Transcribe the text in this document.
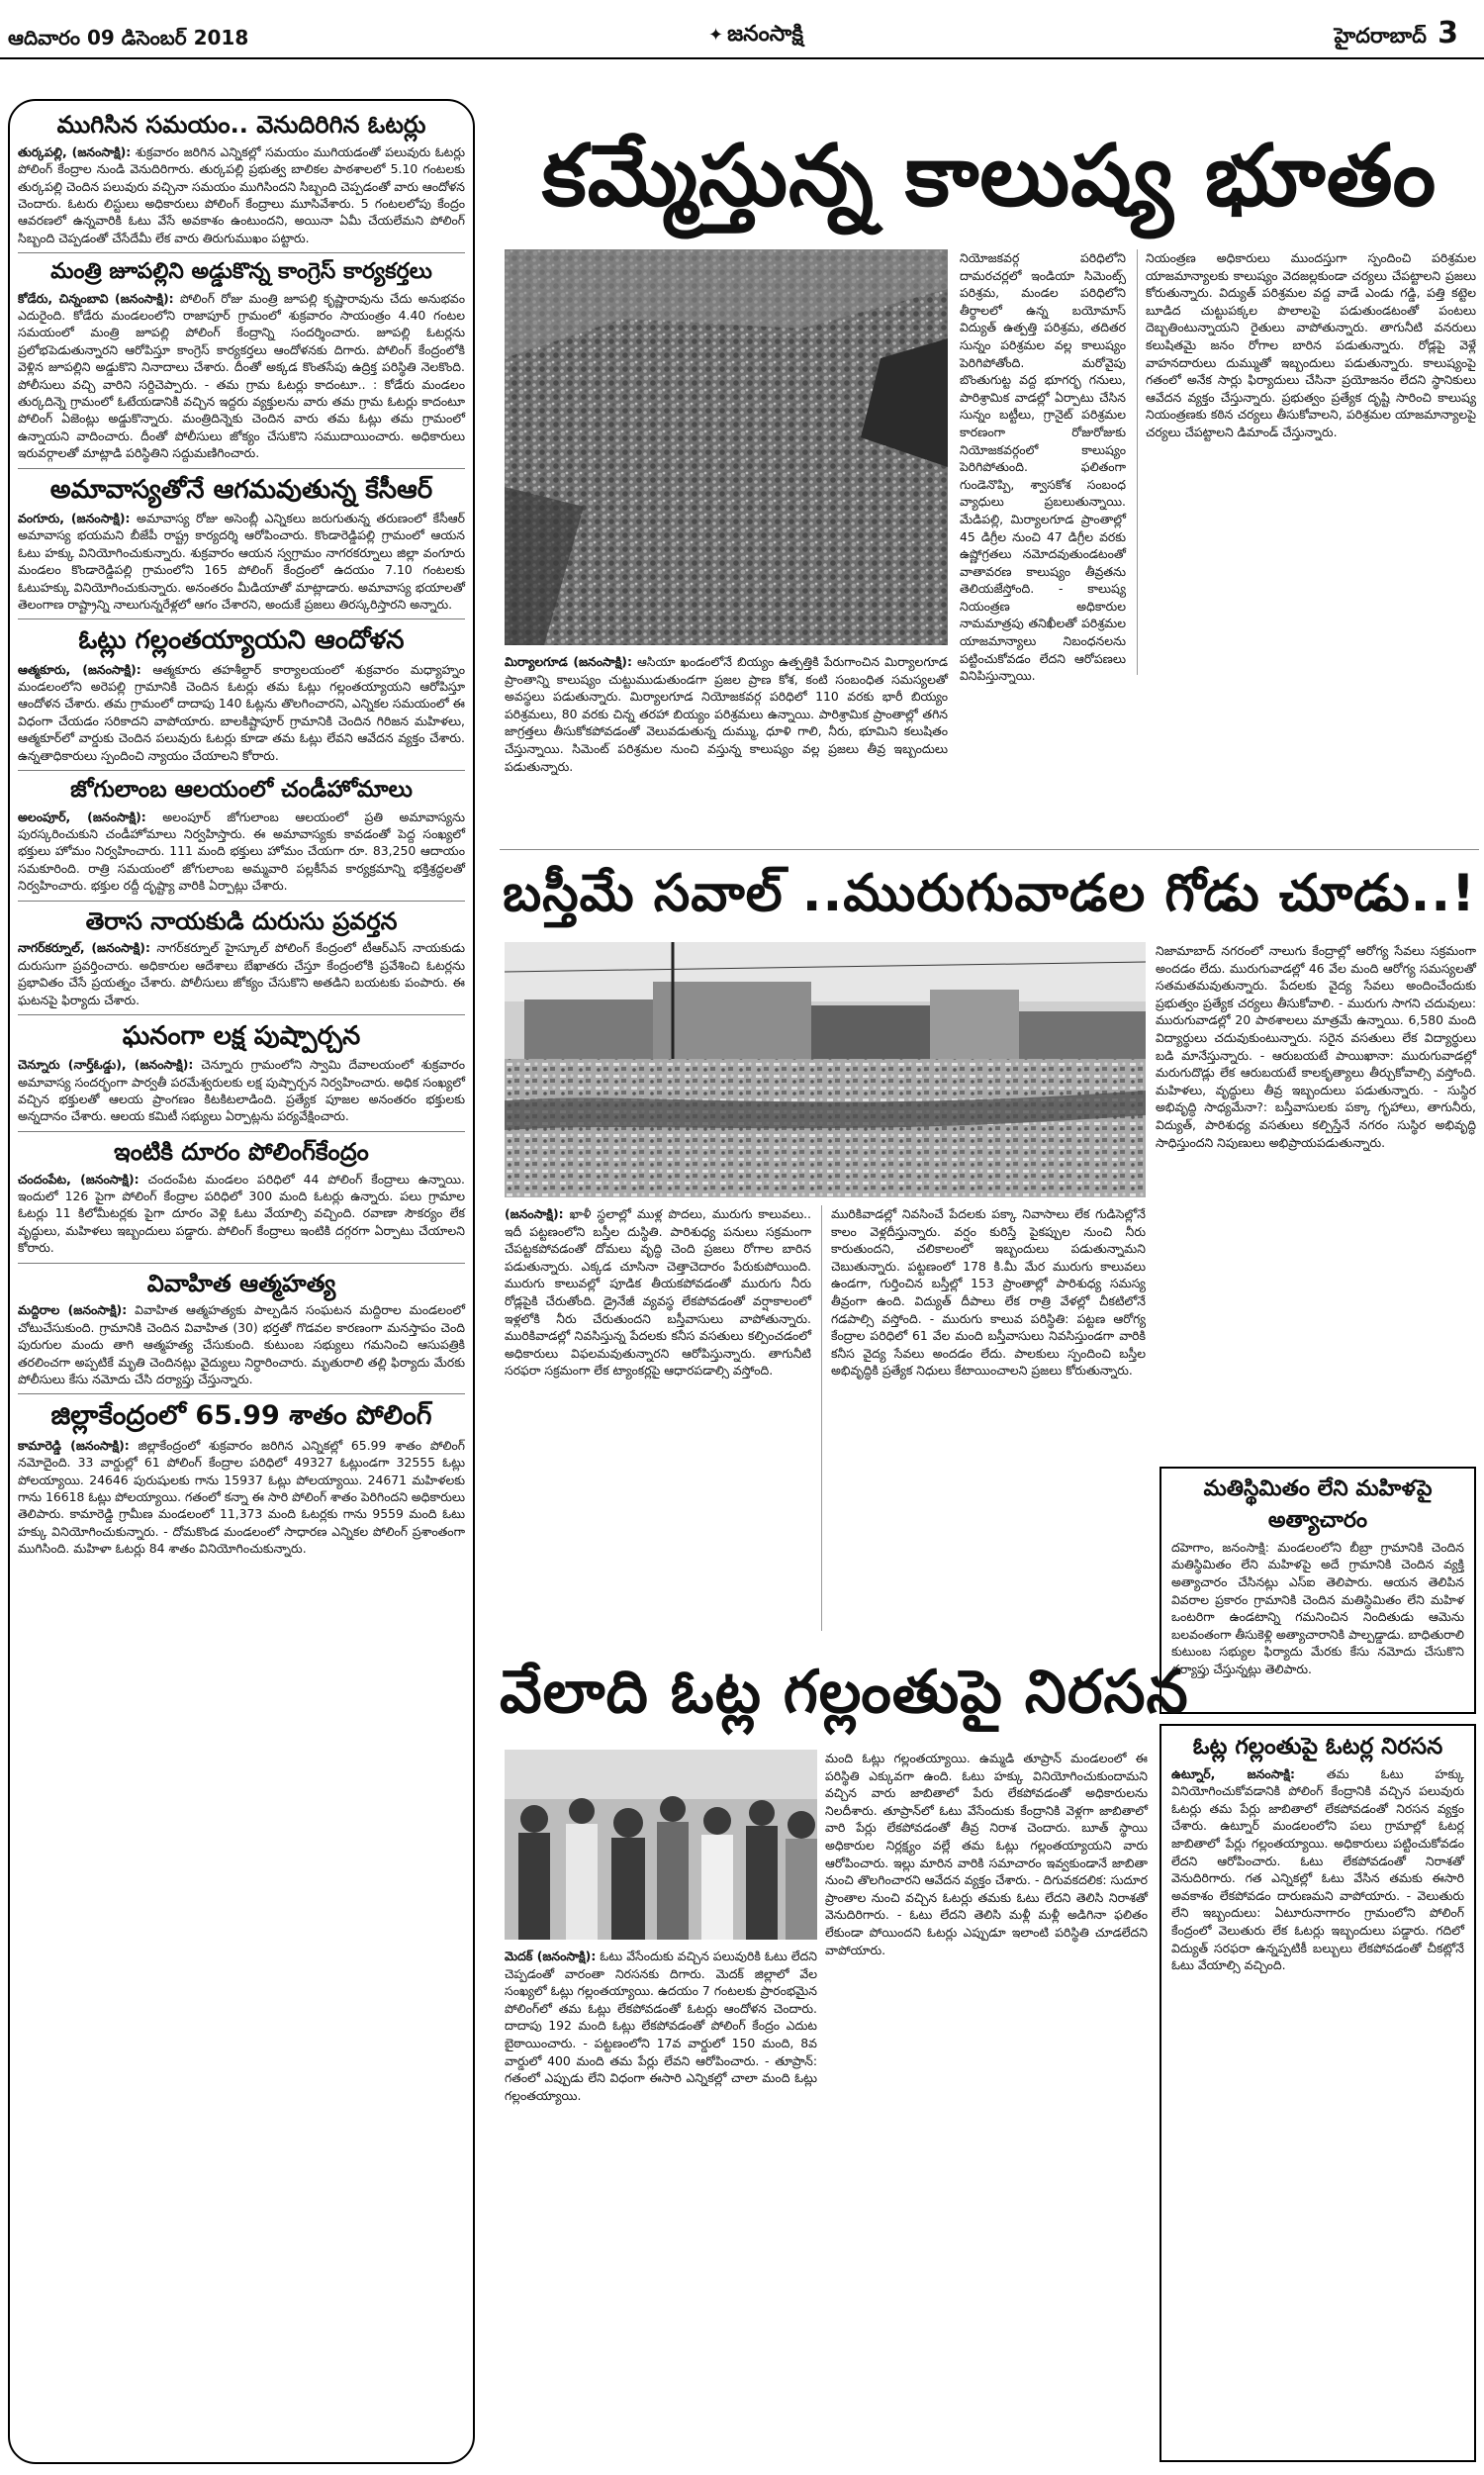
ఆదివారం 09 డిసెంబర్ 2018	✦ జనంసాక్షి	హైదరాబాద్ 3
ముగిసిన సమయం.. వెనుదిరిగిన ఓటర్లు

తుర్కపల్లి, (జనంసాక్షి): శుక్రవారం జరిగిన ఎన్నికల్లో సమయం ముగియడంతో పలువురు ఓటర్లు పోలింగ్ కేంద్రాల నుండి వెనుదిరిగారు. తుర్కపల్లి ప్రభుత్వ బాలికల పాఠశాలలో 5.10 గంటలకు తుర్కపల్లి చెందిన పలువురు వచ్చినా సమయం ముగిసిందని సిబ్బంది చెప్పడంతో వారు ఆందోళన చెందారు. ఓటరు లిస్టులు అధికారులు పోలింగ్ కేంద్రాలు మూసివేశారు. 5 గంటలలోపు కేంద్రం ఆవరణలో ఉన్నవారికి ఓటు వేసే అవకాశం ఉంటుందని, అయినా ఏమీ చేయలేమని పోలింగ్ సిబ్బంది చెప్పడంతో చేసేదేమీ లేక వారు తిరుగుముఖం పట్టారు.

మంత్రి జూపల్లిని అడ్డుకొన్న కాంగ్రెస్ కార్యకర్తలు

కోడేరు, చిన్నంబావి (జనంసాక్షి): పోలింగ్ రోజు మంత్రి జూపల్లి కృష్ణారావును చేదు అనుభవం ఎదురైంది. కోడేరు మండలంలోని రాజాపూర్ గ్రామంలో శుక్రవారం సాయంత్రం 4.40 గంటల సమయంలో మంత్రి జూపల్లి పోలింగ్ కేంద్రాన్ని సందర్శించారు. జూపల్లి ఓటర్లను ప్రలోభపెడుతున్నారని ఆరోపిస్తూ కాంగ్రెస్ కార్యకర్తలు ఆందోళనకు దిగారు. పోలింగ్ కేంద్రంలోకి వెళ్లిన జూపల్లిని అడ్డుకొని నినాదాలు చేశారు. దీంతో అక్కడ కొంతసేపు ఉద్రిక్త పరిస్థితి నెలకొంది. పోలీసులు వచ్చి వారిని సర్దిచెప్పారు. - తమ గ్రామ ఓటర్లు కాదంటూ.. : కోడేరు మండలం తుర్కదిన్నె గ్రామంలో ఓటేయడానికి వచ్చిన ఇద్దరు వ్యక్తులను వారు తమ గ్రామ ఓటర్లు కాదంటూ పోలింగ్ ఏజెంట్లు అడ్డుకొన్నారు. మంత్రిదిన్నెకు చెందిన వారు తమ ఓట్లు తమ గ్రామంలో ఉన్నాయని వాదించారు. దీంతో పోలీసులు జోక్యం చేసుకొని సముదాయించారు. అధికారులు ఇరువర్గాలతో మాట్లాడి పరిస్థితిని సద్దుమణిగించారు.

అమావాస్యతోనే ఆగమవుతున్న కేసీఆర్

వంగూరు, (జనంసాక్షి): అమావాస్య రోజు అసెంబ్లీ ఎన్నికలు జరుగుతున్న తరుణంలో కేసీఆర్ అమావాస్య భయమని బీజేపీ రాష్ట్ర కార్యదర్శి ఆరోపించారు. కొండారెడ్డిపల్లి గ్రామంలో ఆయన ఓటు హక్కు వినియోగించుకున్నారు. శుక్రవారం ఆయన స్వగ్రామం నాగరకర్నూలు జిల్లా వంగూరు మండలం కొండారెడ్డిపల్లి గ్రామంలోని 165 పోలింగ్ కేంద్రంలో ఉదయం 7.10 గంటలకు ఓటుహక్కు వినియోగించుకున్నారు. అనంతరం మీడియాతో మాట్లాడారు. అమావాస్య భయాలతో తెలంగాణ రాష్ట్రాన్ని నాలుగున్నరేళ్లలో ఆగం చేశారని, అందుకే ప్రజలు తిరస్కరిస్తారని అన్నారు.

ఓట్లు గల్లంతయ్యాయని ఆందోళన

ఆత్మకూరు, (జనంసాక్షి): ఆత్మకూరు తహశీల్దార్ కార్యాలయంలో శుక్రవారం మధ్యాహ్నం మండలంలోని అరెపల్లి గ్రామానికి చెందిన ఓటర్లు తమ ఓట్లు గల్లంతయ్యాయని ఆరోపిస్తూ ఆందోళన చేశారు. తమ గ్రామంలో దాదాపు 140 ఓట్లను తొలగించారని, ఎన్నికల సమయంలో ఈ విధంగా చేయడం సరికాదని వాపోయారు. బాలకిష్టాపూర్ గ్రామానికి చెందిన గిరిజన మహిళలు, ఆత్మకూర్‌లో వార్డుకు చెందిన పలువురు ఓటర్లు కూడా తమ ఓట్లు లేవని ఆవేదన వ్యక్తం చేశారు. ఉన్నతాధికారులు స్పందించి న్యాయం చేయాలని కోరారు.

జోగులాంబ ఆలయంలో చండీహోమాలు

అలంపూర్, (జనంసాక్షి): అలంపూర్ జోగులాంబ ఆలయంలో ప్రతి అమావాస్యను పురస్కరించుకుని చండీహోమాలు నిర్వహిస్తారు. ఈ అమావాస్యకు కావడంతో పెద్ద సంఖ్యలో భక్తులు హోమం నిర్వహించారు. 111 మంది భక్తులు హోమం చేయగా రూ. 83,250 ఆదాయం సమకూరింది. రాత్రి సమయంలో జోగులాంబ అమ్మవారి పల్లకీసేవ కార్యక్రమాన్ని భక్తిశ్రద్ధలతో నిర్వహించారు. భక్తుల రద్దీ దృష్ట్యా వారికి ఏర్పాట్లు చేశారు.

తెరాస నాయకుడి దురుసు ప్రవర్తన

నాగర్‌కర్నూల్, (జనంసాక్షి): నాగర్‌కర్నూల్ హైస్కూల్ పోలింగ్ కేంద్రంలో టీఆర్ఎస్ నాయకుడు దురుసుగా ప్రవర్తించారు. అధికారుల ఆదేశాలు బేఖాతరు చేస్తూ కేంద్రంలోకి ప్రవేశించి ఓటర్లను ప్రభావితం చేసే ప్రయత్నం చేశారు. పోలీసులు జోక్యం చేసుకొని అతడిని బయటకు పంపారు. ఈ ఘటనపై ఫిర్యాదు చేశారు.

ఘనంగా లక్ష పుష్పార్చన

చెన్నూరు (నార్త్‌ఓడ్డు), (జనంసాక్షి): చెన్నూరు గ్రామంలోని స్వామి దేవాలయంలో శుక్రవారం అమావాస్య సందర్భంగా పార్వతీ పరమేశ్వరులకు లక్ష పుష్పార్చన నిర్వహించారు. అధిక సంఖ్యలో వచ్చిన భక్తులతో ఆలయ ప్రాంగణం కిటకిటలాడింది. ప్రత్యేక పూజల అనంతరం భక్తులకు అన్నదానం చేశారు. ఆలయ కమిటీ సభ్యులు ఏర్పాట్లను పర్యవేక్షించారు.

ఇంటికి దూరం పోలింగ్‌కేంద్రం

చందంపేట, (జనంసాక్షి): చందంపేట మండలం పరిధిలో 44 పోలింగ్ కేంద్రాలు ఉన్నాయి. ఇందులో 126 పైగా పోలింగ్ కేంద్రాల పరిధిలో 300 మంది ఓటర్లు ఉన్నారు. పలు గ్రామాల ఓటర్లు 11 కిలోమీటర్లకు పైగా దూరం వెళ్లి ఓటు వేయాల్సి వచ్చింది. రవాణా సౌకర్యం లేక వృద్ధులు, మహిళలు ఇబ్బందులు పడ్డారు. పోలింగ్ కేంద్రాలు ఇంటికి దగ్గరగా ఏర్పాటు చేయాలని కోరారు.

వివాహిత ఆత్మహత్య

మద్దిరాల (జనంసాక్షి): వివాహిత ఆత్మహత్యకు పాల్పడిన సంఘటన మద్దిరాల మండలంలో చోటుచేసుకుంది. గ్రామానికి చెందిన వివాహిత (30) భర్తతో గొడవల కారణంగా మనస్తాపం చెంది పురుగుల మందు తాగి ఆత్మహత్య చేసుకుంది. కుటుంబ సభ్యులు గమనించి ఆసుపత్రికి తరలించగా అప్పటికే మృతి చెందినట్లు వైద్యులు నిర్ధారించారు. మృతురాలి తల్లి ఫిర్యాదు మేరకు పోలీసులు కేసు నమోదు చేసి దర్యాప్తు చేస్తున్నారు.

జిల్లాకేంద్రంలో 65.99 శాతం పోలింగ్

కామారెడ్డి (జనంసాక్షి): జిల్లాకేంద్రంలో శుక్రవారం జరిగిన ఎన్నికల్లో 65.99 శాతం పోలింగ్ నమోదైంది. 33 వార్డుల్లో 61 పోలింగ్ కేంద్రాల పరిధిలో 49327 ఓట్లుండగా 32555 ఓట్లు పోలయ్యాయి. 24646 పురుషులకు గాను 15937 ఓట్లు పోలయ్యాయి. 24671 మహిళలకు గాను 16618 ఓట్లు పోలయ్యాయి. గతంలో కన్నా ఈ సారి పోలింగ్ శాతం పెరిగిందని అధికారులు తెలిపారు. కామారెడ్డి గ్రామీణ మండలంలో 11,373 మంది ఓటర్లకు గాను 9559 మంది ఓటు హక్కు వినియోగించుకున్నారు. - దోమకొండ మండలంలో సాధారణ ఎన్నికల పోలింగ్ ప్రశాంతంగా ముగిసింది. మహిళా ఓటర్లు 84 శాతం వినియోగించుకున్నారు.

కమ్మేస్తున్న కాలుష్య భూతం
నియోజకవర్గ పరిధిలోని దామరచర్లలో ఇండియా సిమెంట్స్ పరిశ్రమ, మండల పరిధిలోని తీర్థాలలో ఉన్న బయోమాస్ విద్యుత్ ఉత్పత్తి పరిశ్రమ, తదితర సున్నం పరిశ్రమల వల్ల కాలుష్యం పెరిగిపోతోంది. మరోవైపు బొంతుగుట్ట వద్ద భూగర్భ గనులు, పారిశ్రామిక వాడల్లో ఏర్పాటు చేసిన సున్నం బట్టీలు, గ్రానైట్ పరిశ్రమల కారణంగా రోజురోజుకు నియోజకవర్గంలో కాలుష్యం పెరిగిపోతుంది. ఫలితంగా గుండెనొప్పి, శ్వాసకోశ సంబంధ వ్యాధులు ప్రబలుతున్నాయి. మేడిపల్లి, మిర్యాలగూడ ప్రాంతాల్లో 45 డిగ్రీల నుంచి 47 డిగ్రీల వరకు ఉష్ణోగ్రతలు నమోదవుతుండటంతో వాతావరణ కాలుష్యం తీవ్రతను తెలియజేస్తోంది. - కాలుష్య నియంత్రణ అధికారుల నామమాత్రపు తనిఖీలతో పరిశ్రమల యాజమాన్యాలు నిబంధనలను పట్టించుకోవడం లేదని ఆరోపణలు వినిపిస్తున్నాయి.
నియంత్రణ అధికారులు ముందస్తుగా స్పందించి పరిశ్రమల యాజమాన్యాలకు కాలుష్యం వెదజల్లకుండా చర్యలు చేపట్టాలని ప్రజలు కోరుతున్నారు. విద్యుత్ పరిశ్రమల వద్ద వాడే ఎండు గడ్డి, పత్తి కట్టెల బూడిద చుట్టుపక్కల పొలాలపై పడుతుండటంతో పంటలు దెబ్బతింటున్నాయని రైతులు వాపోతున్నారు. తాగునీటి వనరులు కలుషితమై జనం రోగాల బారిన పడుతున్నారు. రోడ్లపై వెళ్లే వాహనదారులు దుమ్ముతో ఇబ్బందులు పడుతున్నారు. కాలుష్యంపై గతంలో అనేక సార్లు ఫిర్యాదులు చేసినా ప్రయోజనం లేదని స్థానికులు ఆవేదన వ్యక్తం చేస్తున్నారు. ప్రభుత్వం ప్రత్యేక దృష్టి సారించి కాలుష్య నియంత్రణకు కఠిన చర్యలు తీసుకోవాలని, పరిశ్రమల యాజమాన్యాలపై చర్యలు చేపట్టాలని డిమాండ్ చేస్తున్నారు.
మిర్యాలగూడ (జనంసాక్షి): ఆసియా ఖండంలోనే బియ్యం ఉత్పత్తికి పేరుగాంచిన మిర్యాలగూడ ప్రాంతాన్ని కాలుష్యం చుట్టుముడుతుండగా ప్రజల ప్రాణ కోశ, కంటి సంబంధిత సమస్యలతో అవస్థలు పడుతున్నారు. మిర్యాలగూడ నియోజకవర్గ పరిధిలో 110 వరకు భారీ బియ్యం పరిశ్రమలు, 80 వరకు చిన్న తరహా బియ్యం పరిశ్రమలు ఉన్నాయి. పారిశ్రామిక ప్రాంతాల్లో తగిన జాగ్రత్తలు తీసుకోకపోవడంతో వెలువడుతున్న దుమ్ము, ధూళి గాలి, నీరు, భూమిని కలుషితం చేస్తున్నాయి. సిమెంట్ పరిశ్రమల నుంచి వస్తున్న కాలుష్యం వల్ల ప్రజలు తీవ్ర ఇబ్బందులు పడుతున్నారు.
బస్తీమే సవాల్ ..మురుగువాడల గోడు చూడు..!
నిజామాబాద్ నగరంలో నాలుగు కేంద్రాల్లో ఆరోగ్య సేవలు సక్రమంగా అందడం లేదు. మురుగువాడల్లో 46 వేల మంది ఆరోగ్య సమస్యలతో సతమతమవుతున్నారు. పేదలకు వైద్య సేవలు అందించేందుకు ప్రభుత్వం ప్రత్యేక చర్యలు తీసుకోవాలి. - మురుగు సాగని చదువులు: మురుగువాడల్లో 20 పాఠశాలలు మాత్రమే ఉన్నాయి. 6,580 మంది విద్యార్థులు చదువుకుంటున్నారు. సరైన వసతులు లేక విద్యార్థులు బడి మానేస్తున్నారు. - ఆరుబయటే పాయిఖానా: మురుగువాడల్లో మరుగుదొడ్లు లేక ఆరుబయటే కాలకృత్యాలు తీర్చుకోవాల్సి వస్తోంది. మహిళలు, వృద్ధులు తీవ్ర ఇబ్బందులు పడుతున్నారు. - సుస్థిర అభివృద్ధి సాధ్యమేనా?: బస్తీవాసులకు పక్కా గృహాలు, తాగునీరు, విద్యుత్, పారిశుధ్య వసతులు కల్పిస్తేనే నగరం సుస్థిర అభివృద్ధి సాధిస్తుందని నిపుణులు అభిప్రాయపడుతున్నారు.
(జనంసాక్షి): ఖాళీ స్థలాల్లో ముళ్ల పొదలు, మురుగు కాలువలు.. ఇదీ పట్టణంలోని బస్తీల దుస్థితి. పారిశుధ్య పనులు సక్రమంగా చేపట్టకపోవడంతో దోమలు వృద్ధి చెంది ప్రజలు రోగాల బారిన పడుతున్నారు. ఎక్కడ చూసినా చెత్తాచెదారం పేరుకుపోయింది. మురుగు కాలువల్లో పూడిక తీయకపోవడంతో మురుగు నీరు రోడ్లపైకి చేరుతోంది. డ్రైనేజీ వ్యవస్థ లేకపోవడంతో వర్షాకాలంలో ఇళ్లలోకి నీరు చేరుతుందని బస్తీవాసులు వాపోతున్నారు. మురికివాడల్లో నివసిస్తున్న పేదలకు కనీస వసతులు కల్పించడంలో అధికారులు విఫలమవుతున్నారని ఆరోపిస్తున్నారు. తాగునీటి సరఫరా సక్రమంగా లేక ట్యాంకర్లపై ఆధారపడాల్సి వస్తోంది.
మురికివాడల్లో నివసించే పేదలకు పక్కా నివాసాలు లేక గుడిసెల్లోనే కాలం వెళ్లదీస్తున్నారు. వర్షం కురిస్తే పైకప్పుల నుంచి నీరు కారుతుందని, చలికాలంలో ఇబ్బందులు పడుతున్నామని చెబుతున్నారు. పట్టణంలో 178 కి.మీ మేర మురుగు కాలువలు ఉండగా, గుర్తించిన బస్తీల్లో 153 ప్రాంతాల్లో పారిశుధ్య సమస్య తీవ్రంగా ఉంది. విద్యుత్ దీపాలు లేక రాత్రి వేళల్లో చీకటిలోనే గడపాల్సి వస్తోంది. - మురుగు కాలువ పరిస్థితి: పట్టణ ఆరోగ్య కేంద్రాల పరిధిలో 61 వేల మంది బస్తీవాసులు నివసిస్తుండగా వారికి కనీస వైద్య సేవలు అందడం లేదు. పాలకులు స్పందించి బస్తీల అభివృద్ధికి ప్రత్యేక నిధులు కేటాయించాలని ప్రజలు కోరుతున్నారు.
మతిస్థిమితం లేని మహిళపై
అత్యాచారం
దహెగాం, జనంసాక్షి: మండలంలోని బీబ్రా గ్రామానికి చెందిన మతిస్థిమితం లేని మహిళపై అదే గ్రామానికి చెందిన వ్యక్తి అత్యాచారం చేసినట్లు ఎస్‌ఐ తెలిపారు. ఆయన తెలిపిన వివరాల ప్రకారం గ్రామానికి చెందిన మతిస్థిమితం లేని మహిళ ఒంటరిగా ఉండటాన్ని గమనించిన నిందితుడు ఆమెను బలవంతంగా తీసుకెళ్లి అత్యాచారానికి పాల్పడ్డాడు. బాధితురాలి కుటుంబ సభ్యుల ఫిర్యాదు మేరకు కేసు నమోదు చేసుకొని దర్యాప్తు చేస్తున్నట్లు తెలిపారు.
వేలాది ఓట్ల గల్లంతుపై నిరసన
మంది ఓట్లు గల్లంతయ్యాయి. ఉమ్మడి తూప్రాన్ మండలంలో ఈ పరిస్థితి ఎక్కువగా ఉంది. ఓటు హక్కు వినియోగించుకుందామని వచ్చిన వారు జాబితాలో పేరు లేకపోవడంతో అధికారులను నిలదీశారు. తూప్రాన్‌లో ఓటు వేసేందుకు కేంద్రానికి వెళ్లగా జాబితాలో వారి పేర్లు లేకపోవడంతో తీవ్ర నిరాశ చెందారు. బూత్ స్థాయి అధికారుల నిర్లక్ష్యం వల్లే తమ ఓట్లు గల్లంతయ్యాయని వారు ఆరోపించారు. ఇల్లు మారిన వారికి సమాచారం ఇవ్వకుండానే జాబితా నుంచి తొలగించారని ఆవేదన వ్యక్తం చేశారు. - దిగువకదలిక: సుదూర ప్రాంతాల నుంచి వచ్చిన ఓటర్లు తమకు ఓటు లేదని తెలిసి నిరాశతో వెనుదిరిగారు. - ఓటు లేదని తెలిసి మళ్లీ మళ్లీ అడిగినా ఫలితం లేకుండా పోయిందని ఓటర్లు ఎప్పుడూ ఇలాంటి పరిస్థితి చూడలేదని వాపోయారు.
మెదక్ (జనంసాక్షి): ఓటు వేసేందుకు వచ్చిన పలువురికి ఓటు లేదని చెప్పడంతో వారంతా నిరసనకు దిగారు. మెదక్ జిల్లాలో వేల సంఖ్యలో ఓట్లు గల్లంతయ్యాయి. ఉదయం 7 గంటలకు ప్రారంభమైన పోలింగ్‌లో తమ ఓట్లు లేకపోవడంతో ఓటర్లు ఆందోళన చెందారు. దాదాపు 192 మంది ఓట్లు లేకపోవడంతో పోలింగ్ కేంద్రం ఎదుట బైఠాయించారు. - పట్టణంలోని 17వ వార్డులో 150 మంది, 8వ వార్డులో 400 మంది తమ పేర్లు లేవని ఆరోపించారు. - తూప్రాన్: గతంలో ఎప్పుడు లేని విధంగా ఈసారి ఎన్నికల్లో చాలా మంది ఓట్లు గల్లంతయ్యాయి.
ఓట్ల గల్లంతుపై ఓటర్ల నిరసన
ఉట్నూర్, జనంసాక్షి:	తమ ఓటు హక్కు వినియోగించుకోవడానికి పోలింగ్ కేంద్రానికి వచ్చిన పలువురు ఓటర్లు తమ పేర్లు జాబితాలో లేకపోవడంతో నిరసన వ్యక్తం చేశారు. ఉట్నూర్ మండలంలోని పలు గ్రామాల్లో ఓటర్ల జాబితాలో పేర్లు గల్లంతయ్యాయి. అధికారులు పట్టించుకోవడం లేదని ఆరోపించారు. ఓటు లేకపోవడంతో నిరాశతో వెనుదిరిగారు. గత ఎన్నికల్లో ఓటు వేసిన తమకు ఈసారి అవకాశం లేకపోవడం దారుణమని వాపోయారు. - వెలుతురు లేని ఇబ్బందులు: ఏటూరునాగారం గ్రామంలోని పోలింగ్ కేంద్రంలో వెలుతురు లేక ఓటర్లు ఇబ్బందులు పడ్డారు. గదిలో విద్యుత్ సరఫరా ఉన్నప్పటికీ బల్బులు లేకపోవడంతో చీకట్లోనే ఓటు వేయాల్సి వచ్చింది.
